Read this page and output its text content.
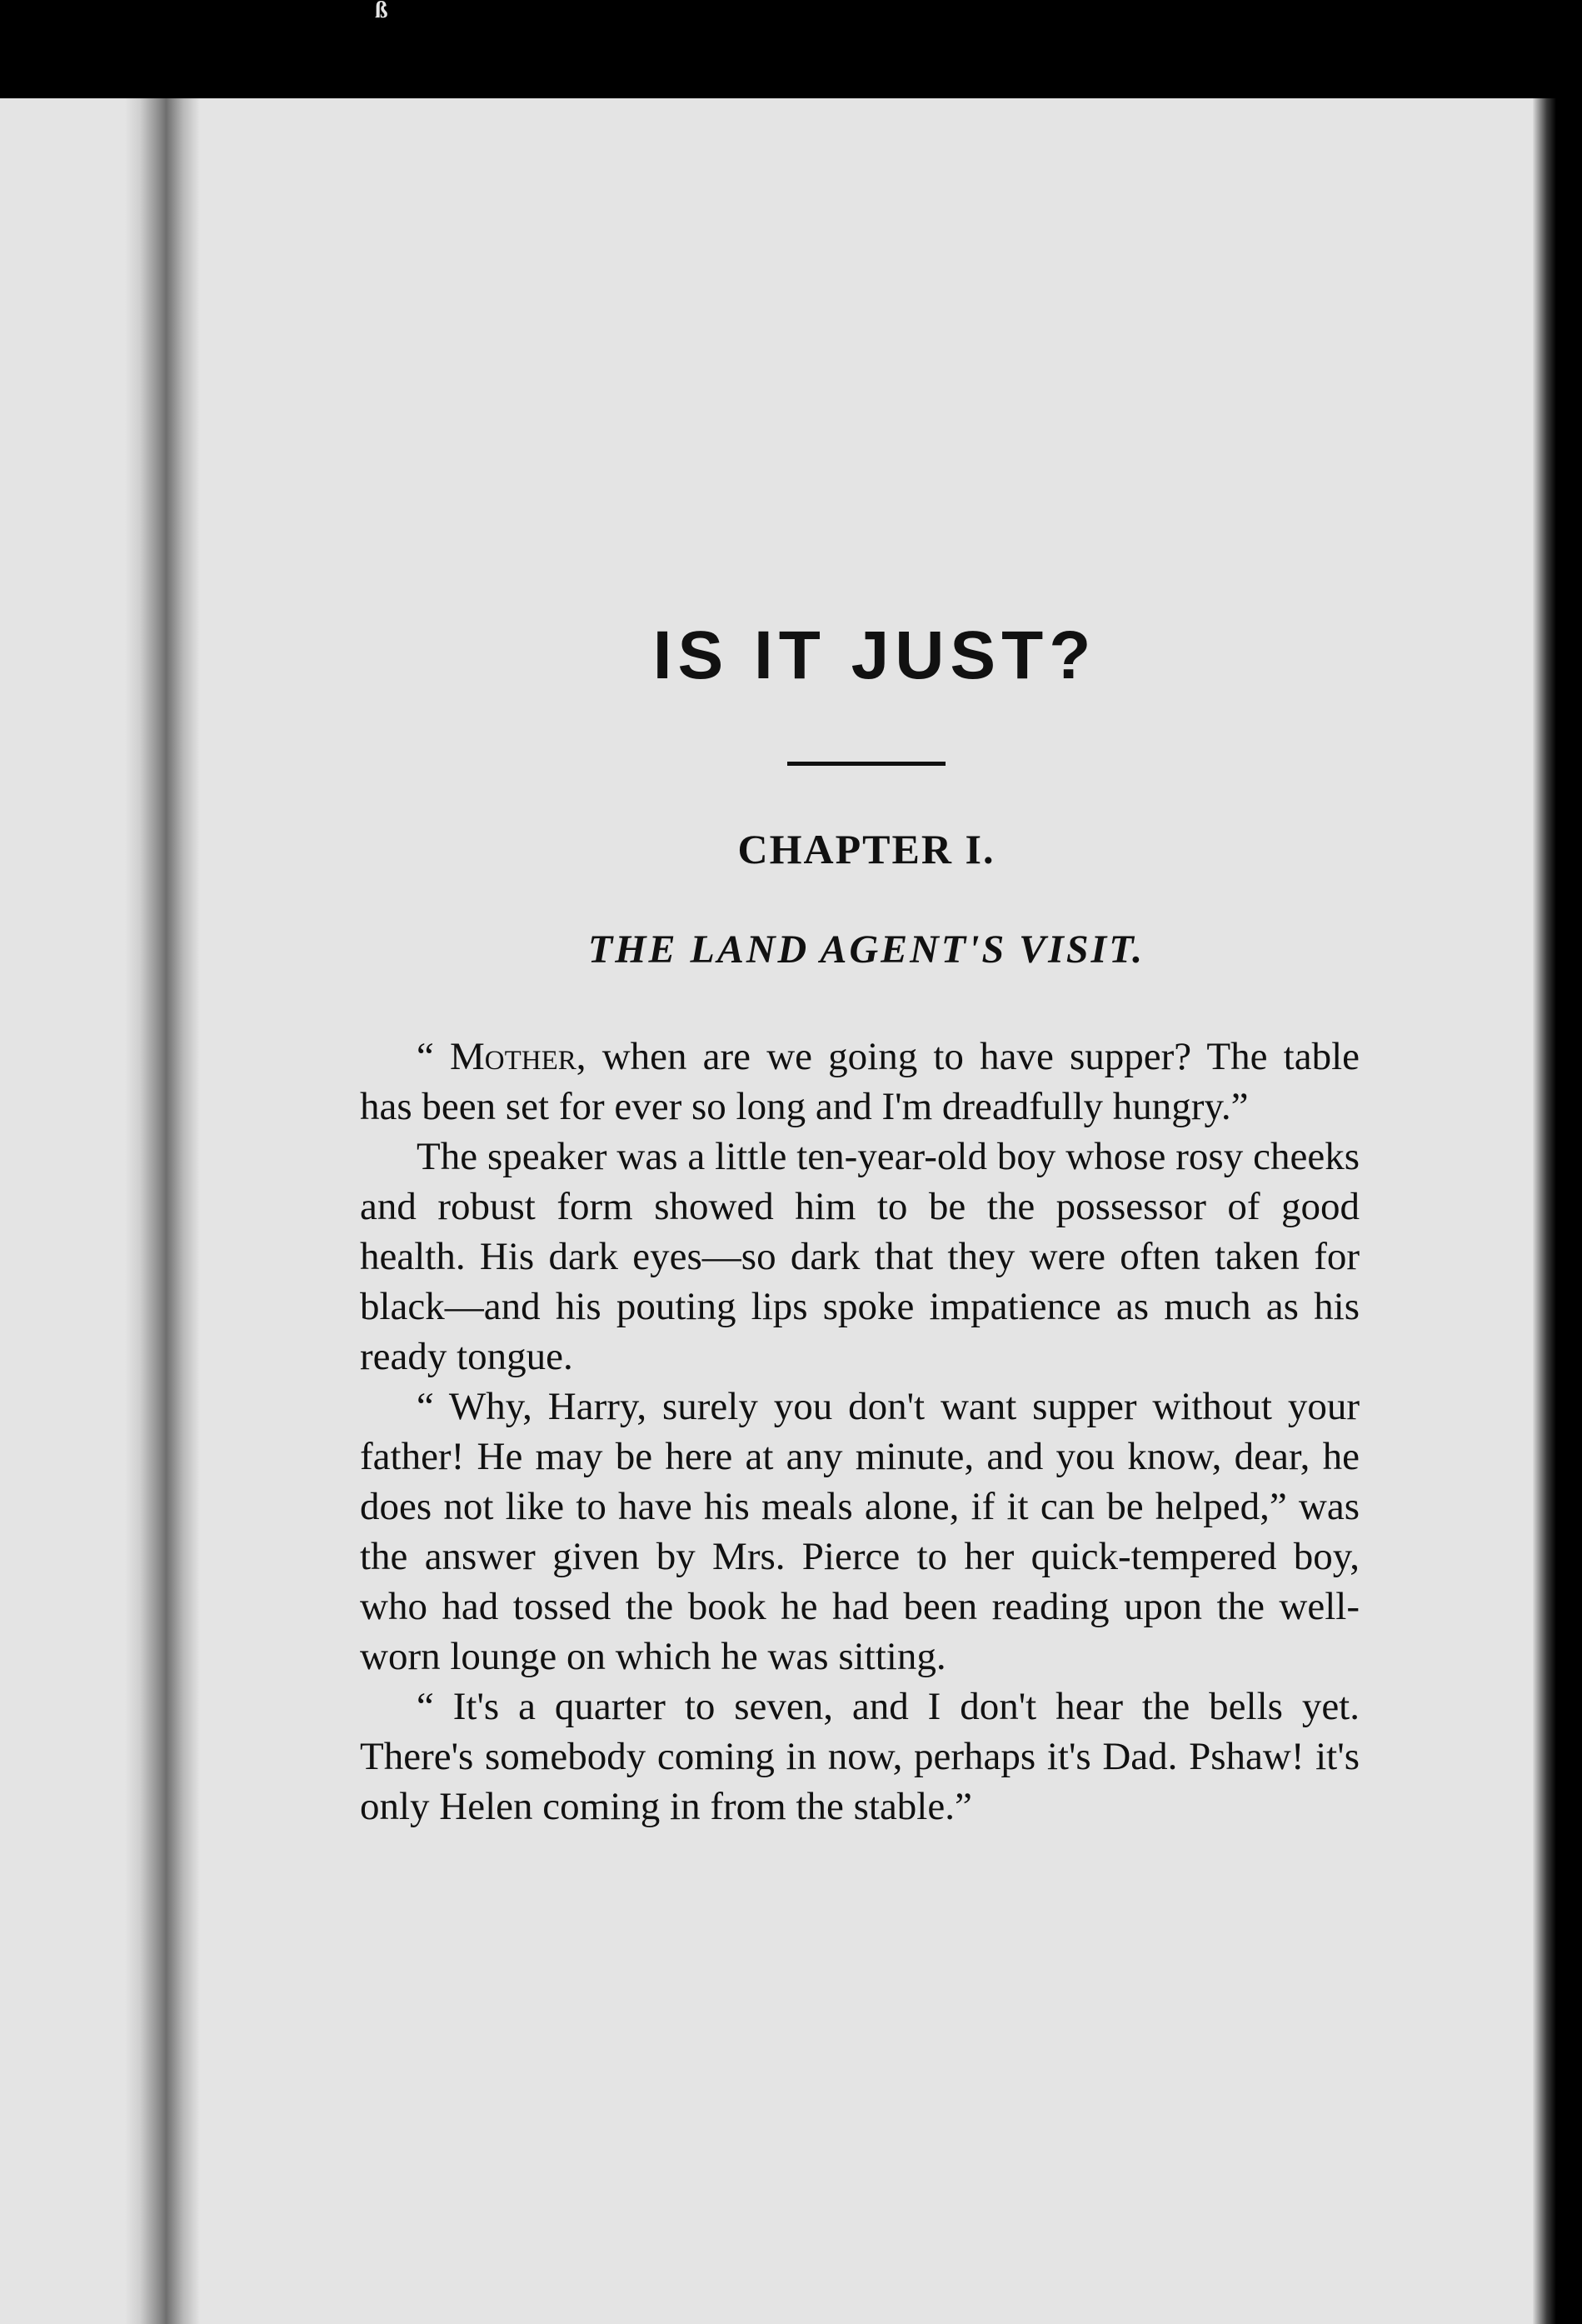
ß
IS IT JUST?
CHAPTER I.
THE LAND AGENT'S VISIT.

“ Mother, when are we going to have supper? The table has been set for ever so long and I'm dreadfully hungry.”

The speaker was a little ten-year-old boy whose rosy cheeks and robust form showed him to be the possessor of good health. His dark eyes—so dark that they were often taken for black—and his pouting lips spoke impatience as much as his ready tongue.

“ Why, Harry, surely you don't want supper without your father! He may be here at any minute, and you know, dear, he does not like to have his meals alone, if it can be helped,” was the answer given by Mrs. Pierce to her quick-tempered boy, who had tossed the book he had been reading upon the well-worn lounge on which he was sitting.

“ It's a quarter to seven, and I don't hear the bells yet. There's somebody coming in now, perhaps it's Dad. Pshaw! it's only Helen coming in from the stable.”
